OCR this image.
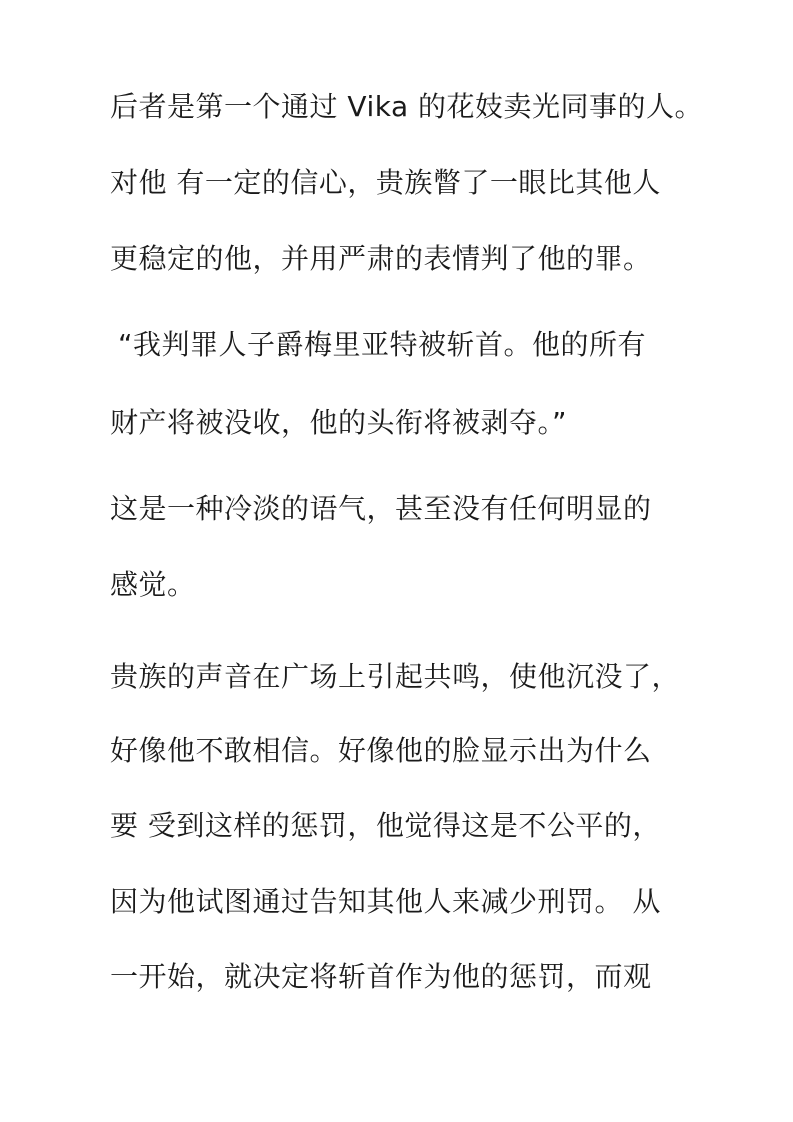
后者是第一个通过 Vika 的花妓卖光同事的人。
对他 有一定的信心，贵族瞥了一眼比其他人
更稳定的他，并用严肃的表情判了他的罪。
“我判罪人子爵梅里亚特被斩首。他的所有
财产将被没收，他的头衔将被剥夺。”
这是一种冷淡的语气，甚至没有任何明显的
感觉。
贵族的声音在广场上引起共鸣，使他沉没了，
好像他不敢相信。好像他的脸显示出为什么
要 受到这样的惩罚，他觉得这是不公平的，
因为他试图通过告知其他人来减少刑罚。 从
一开始，就决定将斩首作为他的惩罚，而观
